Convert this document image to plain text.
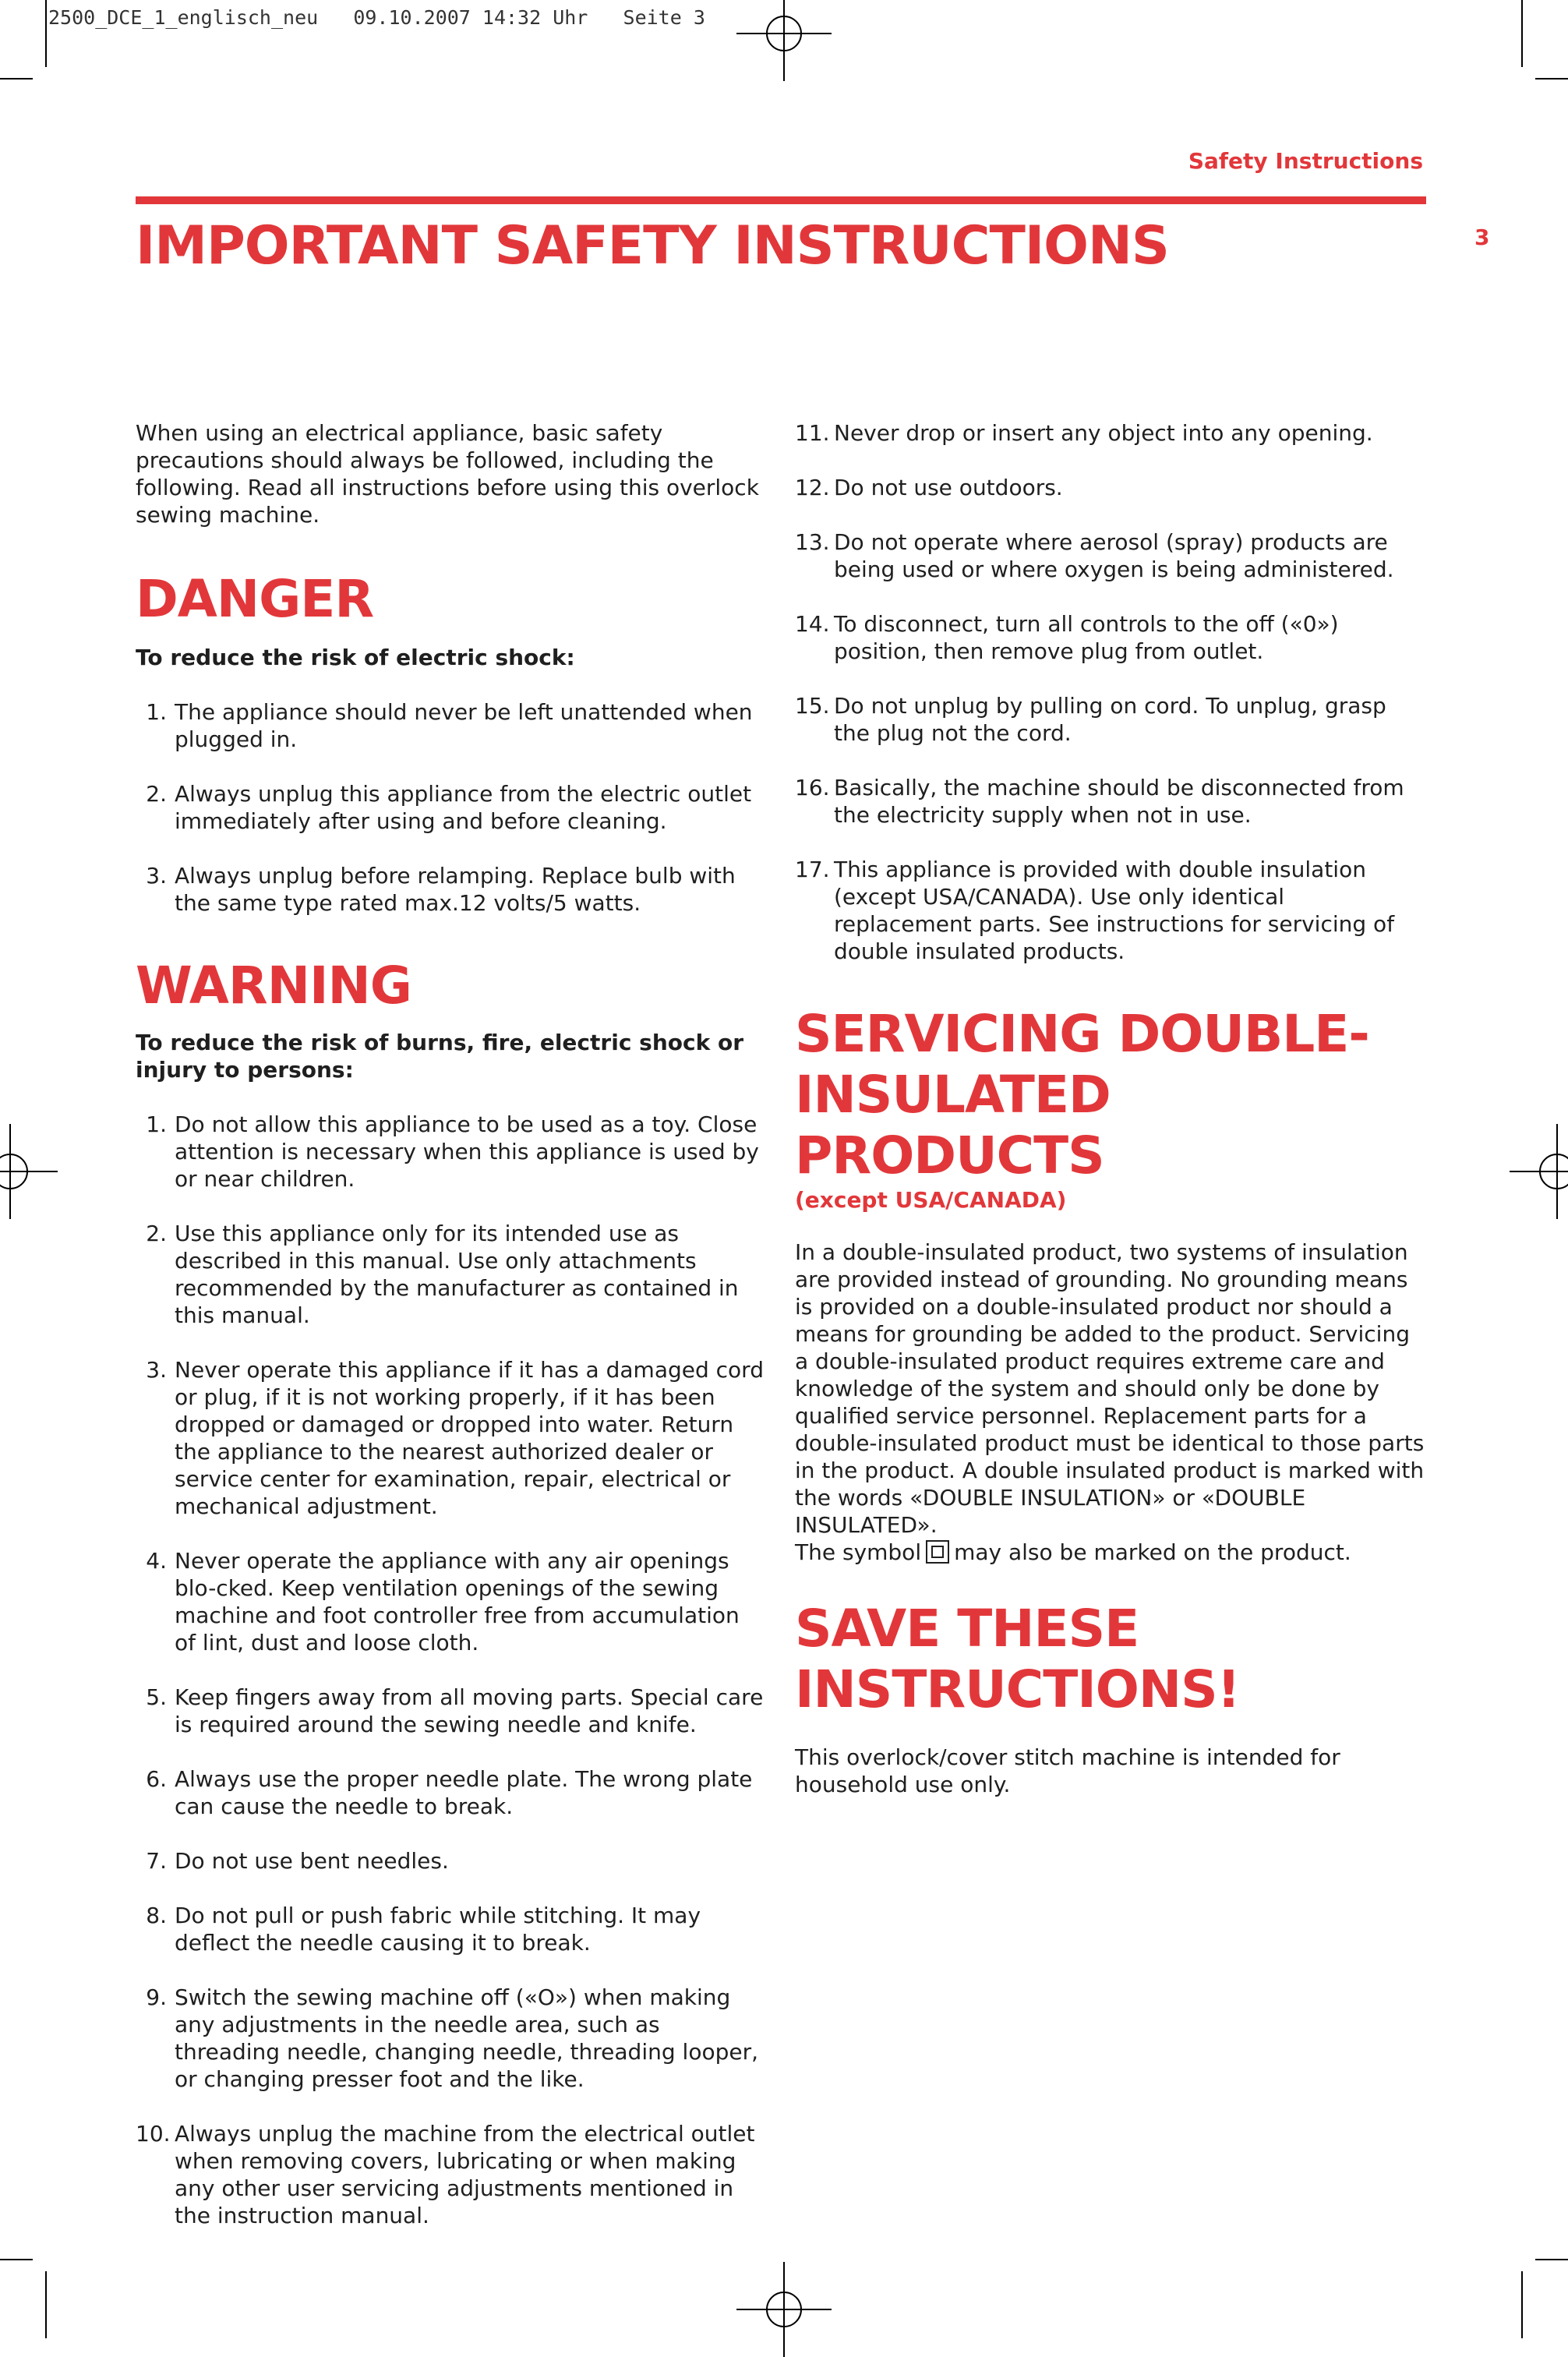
2500_DCE_1_englisch_neu   09.10.2007 14:32 Uhr   Seite 3
Safety Instructions
3
IMPORTANT SAFETY INSTRUCTIONS

When using an electrical appliance, basic safety precautions should always be followed, including the following. Read all instructions before using this overlock sewing machine.

DANGER

To reduce the risk of electric shock:

1. The appliance should never be left unattended when plugged in.
2. Always unplug this appliance from the electric outlet immediately after using and before cleaning.
3. Always unplug before relamping. Replace bulb with the same type rated max.12 volts/5 watts.
WARNING

To reduce the risk of burns, fire, electric shock or injury to persons:

1. Do not allow this appliance to be used as a toy. Close attention is necessary when this appliance is used by or near children.
2. Use this appliance only for its intended use as described in this manual. Use only attachments recommended by the manufacturer as contained in this manual.
3. Never operate this appliance if it has a damaged cord or plug, if it is not working properly, if it has been dropped or damaged or dropped into water. Return the appliance to the nearest authorized dealer or service center for examination, repair, electrical or mechanical adjustment.
4. Never operate the appliance with any air openings blo-cked. Keep ventilation openings of the sewing machine and foot controller free from accumulation of lint, dust and loose cloth.
5. Keep fingers away from all moving parts. Special care is required around the sewing needle and knife.
6. Always use the proper needle plate. The wrong plate can cause the needle to break.
7. Do not use bent needles.
8. Do not pull or push fabric while stitching. It may deflect the needle causing it to break.
9. Switch the sewing machine off («O») when making any adjustments in the needle area, such as threading needle, changing needle, threading looper, or changing presser foot and the like.
10. Always unplug the machine from the electrical outlet when removing covers, lubricating or when making any other user servicing adjustments mentioned in the instruction manual.
11. Never drop or insert any object into any opening.
12. Do not use outdoors.
13. Do not operate where aerosol (spray) products are being used or where oxygen is being administered.
14. To disconnect, turn all controls to the off («0») position, then remove plug from outlet.
15. Do not unplug by pulling on cord. To unplug, grasp the plug not the cord.
16. Basically, the machine should be disconnected from the electricity supply when not in use.
17. This appliance is provided with double insulation (except USA/CANADA). Use only identical replacement parts. See instructions for servicing of double insulated products.
SERVICING DOUBLE-INSULATED PRODUCTS

(except USA/CANADA)

In a double-insulated product, two systems of insulation are provided instead of grounding. No grounding means is provided on a double-insulated product nor should a means for grounding be added to the product. Servicing a double-insulated product requires extreme care and knowledge of the system and should only be done by qualified service personnel. Replacement parts for a double-insulated product must be identical to those parts in the product. A double insulated product is marked with the words «DOUBLE INSULATION» or «DOUBLE INSULATED».

The symbol may also be marked on the product.

SAVE THESE INSTRUCTIONS!

This overlock/cover stitch machine is intended for household use only.
